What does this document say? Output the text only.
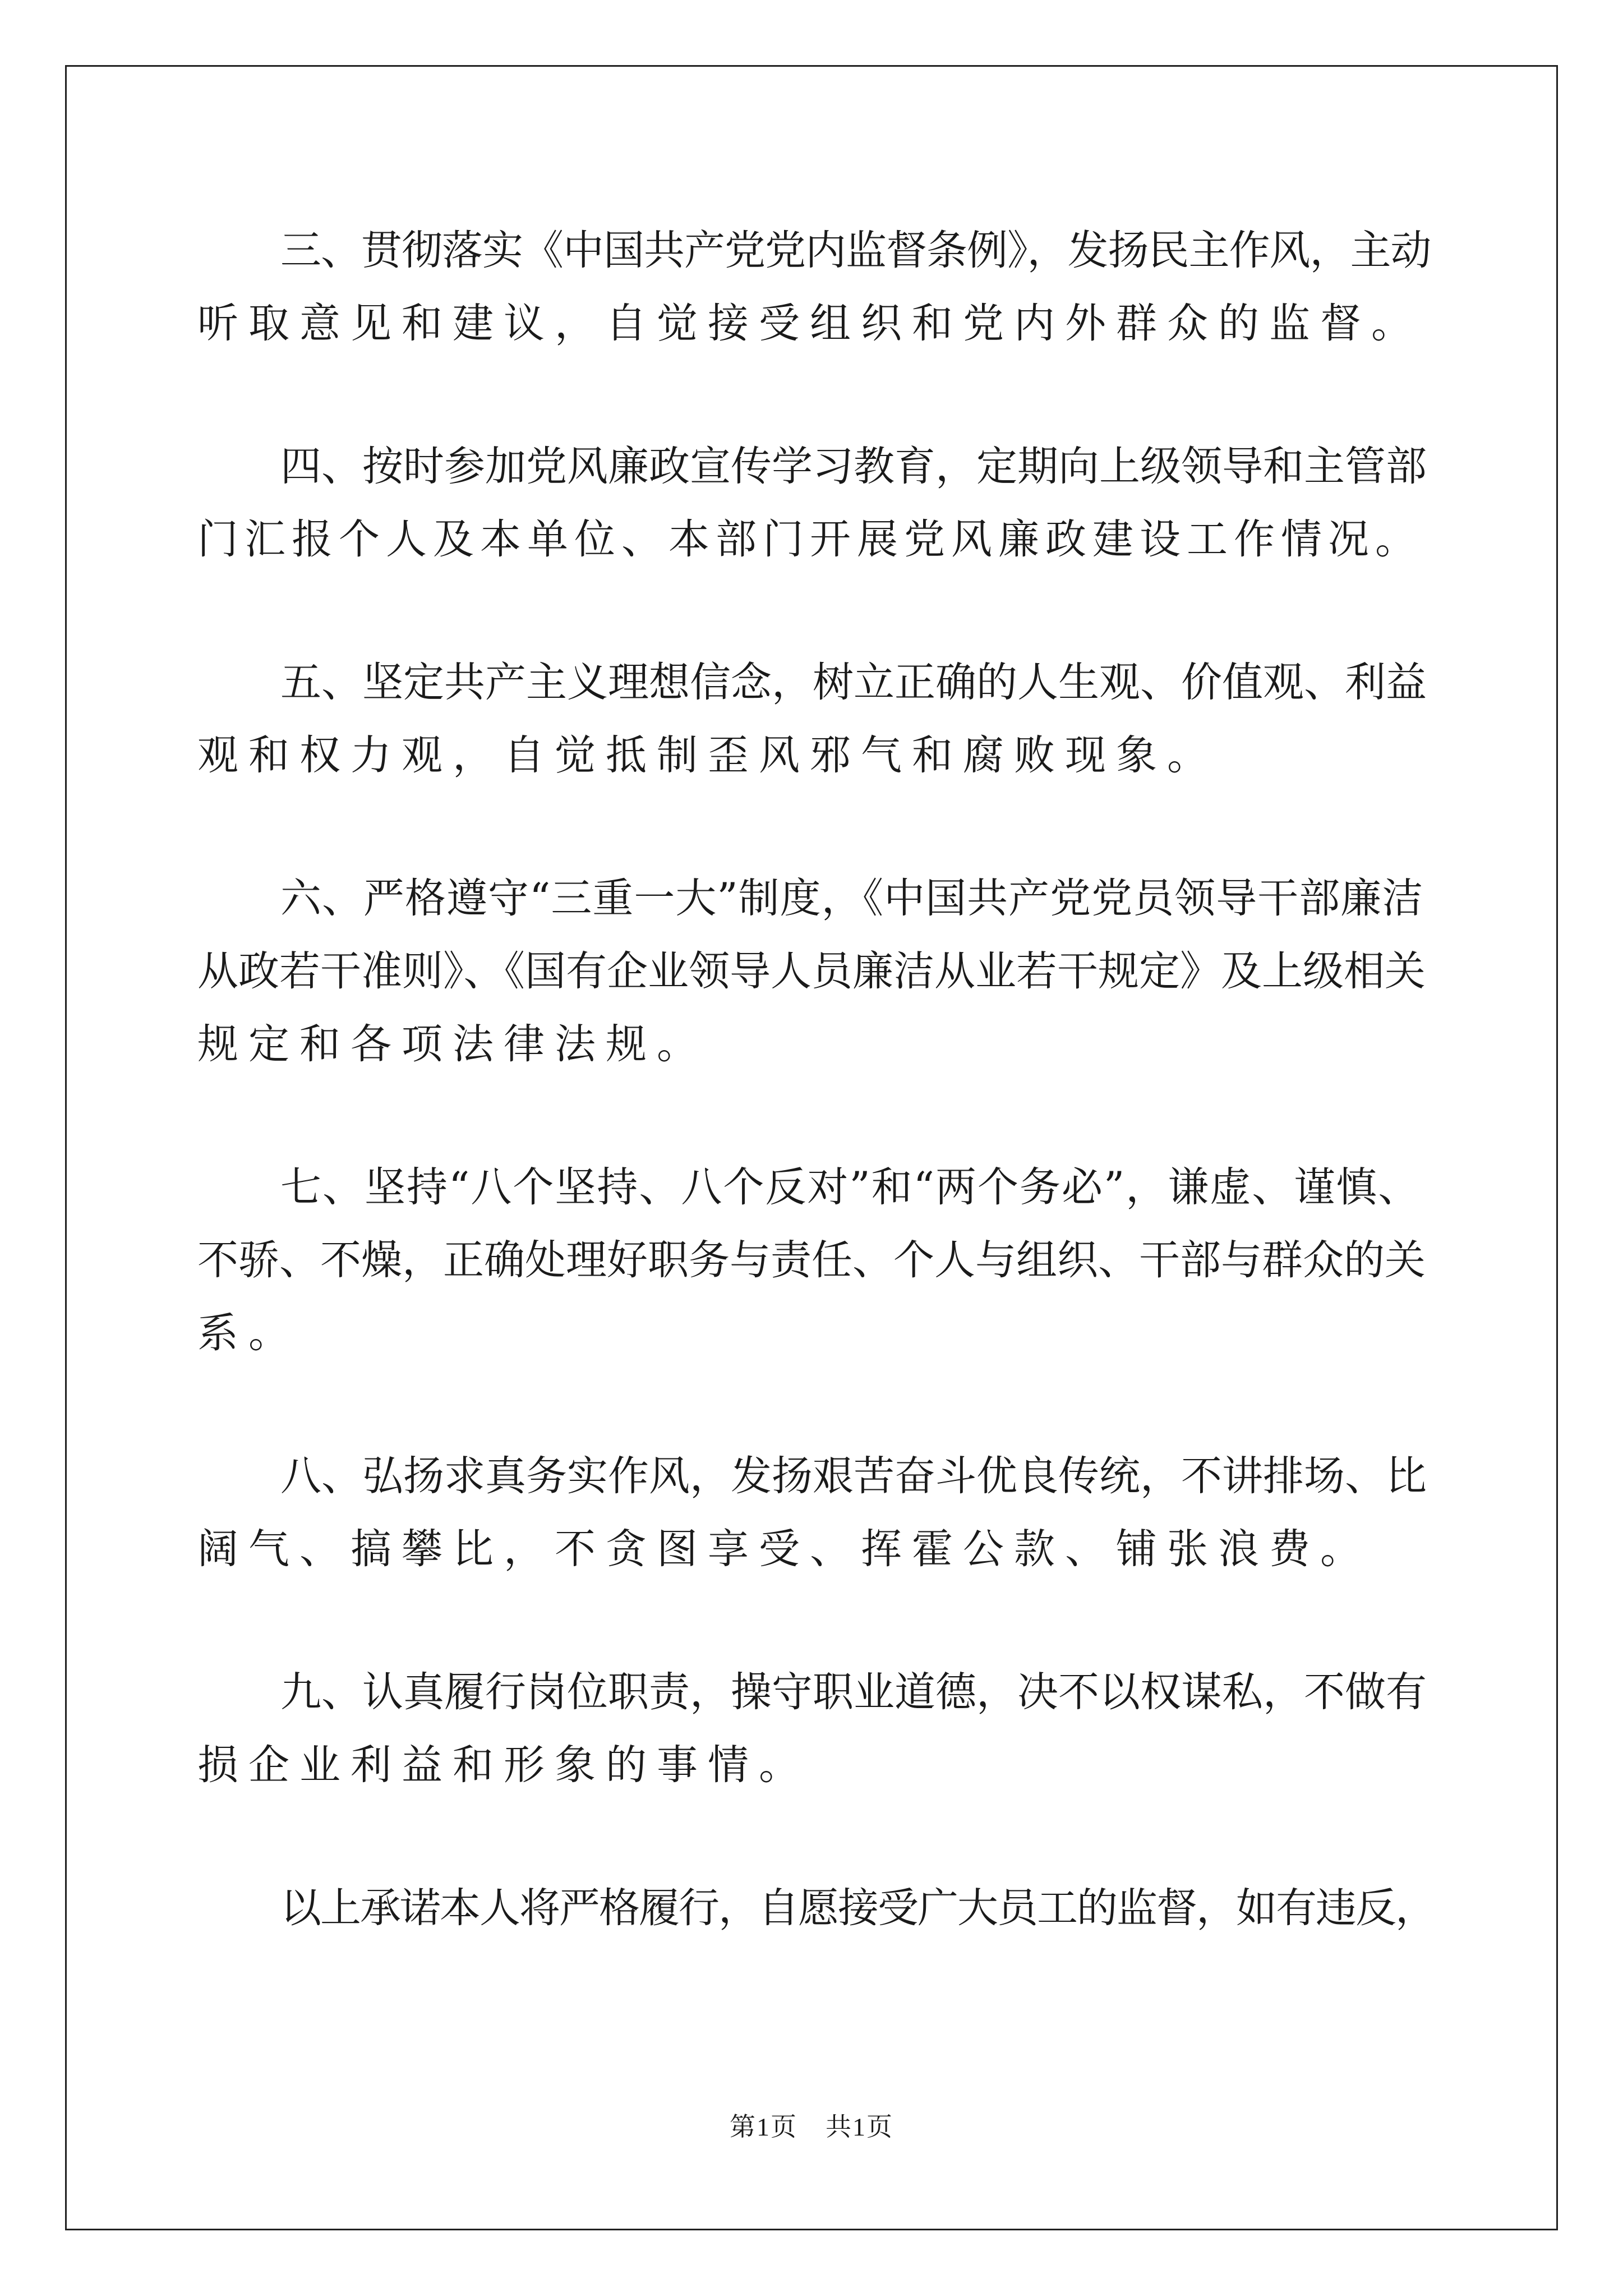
三、贯彻落实《中国共产党党内监督条例》，发扬民主作风，主动

听取意见和建议，自觉接受组织和党内外群众的监督。

四、按时参加党风廉政宣传学习教育，定期向上级领导和主管部

门汇报个人及本单位、本部门开展党风廉政建设工作情况。

五、坚定共产主义理想信念，树立正确的人生观、价值观、利益

观和权力观，自觉抵制歪风邪气和腐败现象。

六、严格遵守“三重一大”制度，《中国共产党党员领导干部廉洁

从政若干准则》、《国有企业领导人员廉洁从业若干规定》及上级相关

规定和各项法律法规。

七、坚持“八个坚持、八个反对”和“两个务必”，谦虚、谨慎、

不骄、不燥，正确处理好职务与责任、个人与组织、干部与群众的关

系。

八、弘扬求真务实作风，发扬艰苦奋斗优良传统，不讲排场、比

阔气、搞攀比，不贪图享受、挥霍公款、铺张浪费。

九、认真履行岗位职责，操守职业道德，决不以权谋私，不做有

损企业利益和形象的事情。

以上承诺本人将严格履行，自愿接受广大员工的监督，如有违反，

第1页 共1页
